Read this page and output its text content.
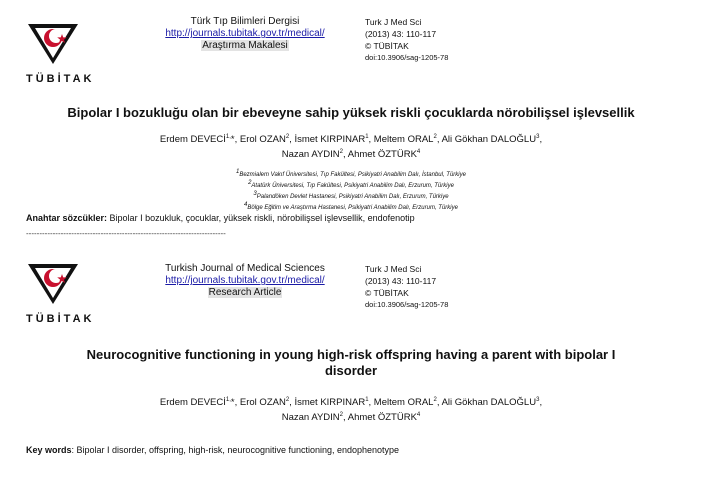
TÜBİTAK
Türk Tıp Bilimleri Dergisi
http://journals.tubitak.gov.tr/medical/
Araştırma Makalesi
Turk J Med Sci
(2013) 43: 110-117
© TÜBİTAK
doi:10.3906/sag-1205-78
Bipolar I bozukluğu olan bir ebeveyne sahip yüksek riskli çocuklarda nörobilişsel işlevsellik
Erdem $DEVECİ^{1,}*$, Erol OZAN$^2$, İsmet KIRPINAR$^1$, Meltem ORAL$^2$, Ali Gökhan DALOĞLU$^3$,
Nazan AYDIN$^2$, Ahmet ÖZTÜRK$^4$
$^1$Bezmialem Vakıf Üniversitesi, Tıp Fakültesi, Psikiyatri Anabilim Dalı, İstanbul, Türkiye
$^2$Atatürk Üniversitesi, Tıp Fakültesi, Psikiyatri Anabilim Dalı, Erzurum, Türkiye
$^3$Palandöken Devlet Hastanesi, Psikiyatri Anabilim Dalı, Erzurum, Türkiye
$^4$Bölge Eğitim ve Araştırma Hastanesi, Psikiyatri Anabilim Dalı, Erzurum, Türkiye
Anahtar sözcükler: Bipolar I bozukluk, çocuklar, yüksek riskli, nörobilişsel işlevsellik, endofenotip
---------------------------------------------------------------------------
TÜBİTAK
Turkish Journal of Medical Sciences
http://journals.tubitak.gov.tr/medical/
Research Article
Turk J Med Sci
(2013) 43: 110-117
© TÜBİTAK
doi:10.3906/sag-1205-78
Neurocognitive functioning in young high-risk offspring having a parent with bipolar I
disorder
Erdem $DEVECİ^{1,}*$, Erol OZAN$^2$, İsmet KIRPINAR$^1$, Meltem ORAL$^2$, Ali Gökhan DALOĞLU$^3$,
Nazan AYDIN$^2$, Ahmet ÖZTÜRK$^4$
Key words: Bipolar I disorder, offspring, high-risk, neurocognitive functioning, endophenotype
